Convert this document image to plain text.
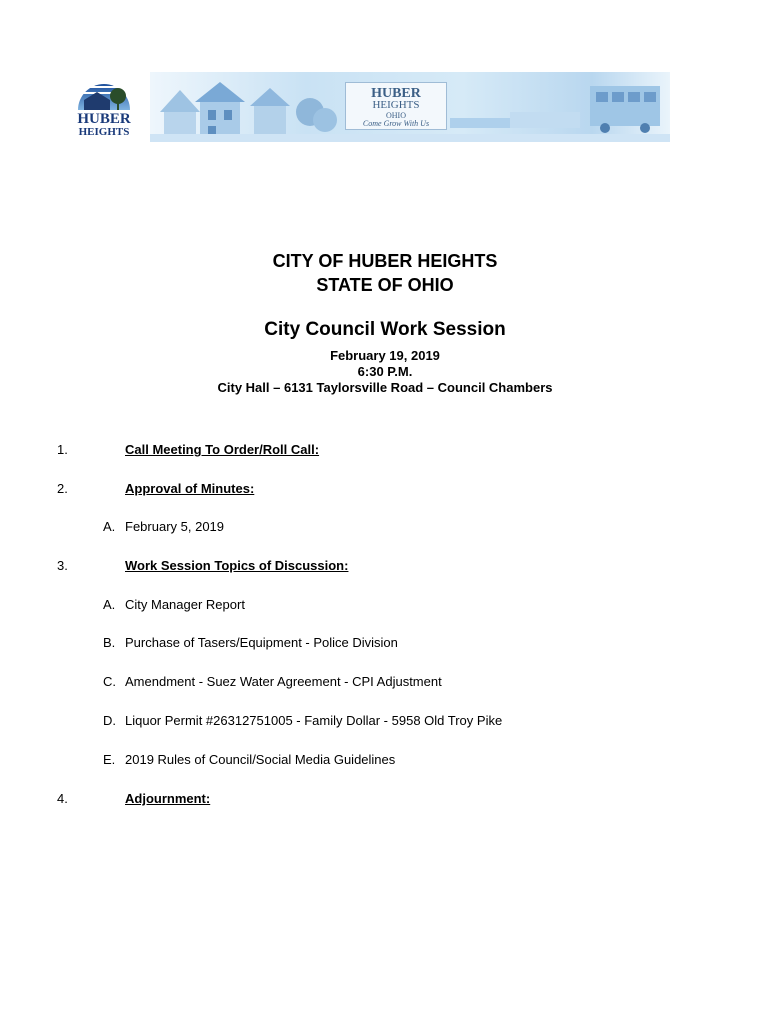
HUBER
HEIGHTS
HUBER
HEIGHTS
OHIO
Come Grow With Us
CITY OF HUBER HEIGHTS
STATE OF OHIO
City Council Work Session
February 19, 2019
6:30 P.M.
City Hall – 6131 Taylorsville Road – Council Chambers
1.	Call Meeting To Order/Roll Call:
2.	Approval of Minutes:
A. February 5, 2019
3.	Work Session Topics of Discussion:
A. City Manager Report
B. Purchase of Tasers/Equipment - Police Division
C. Amendment - Suez Water Agreement - CPI Adjustment
D. Liquor Permit #26312751005 - Family Dollar - 5958 Old Troy Pike
E. 2019 Rules of Council/Social Media Guidelines
4.	Adjournment:
